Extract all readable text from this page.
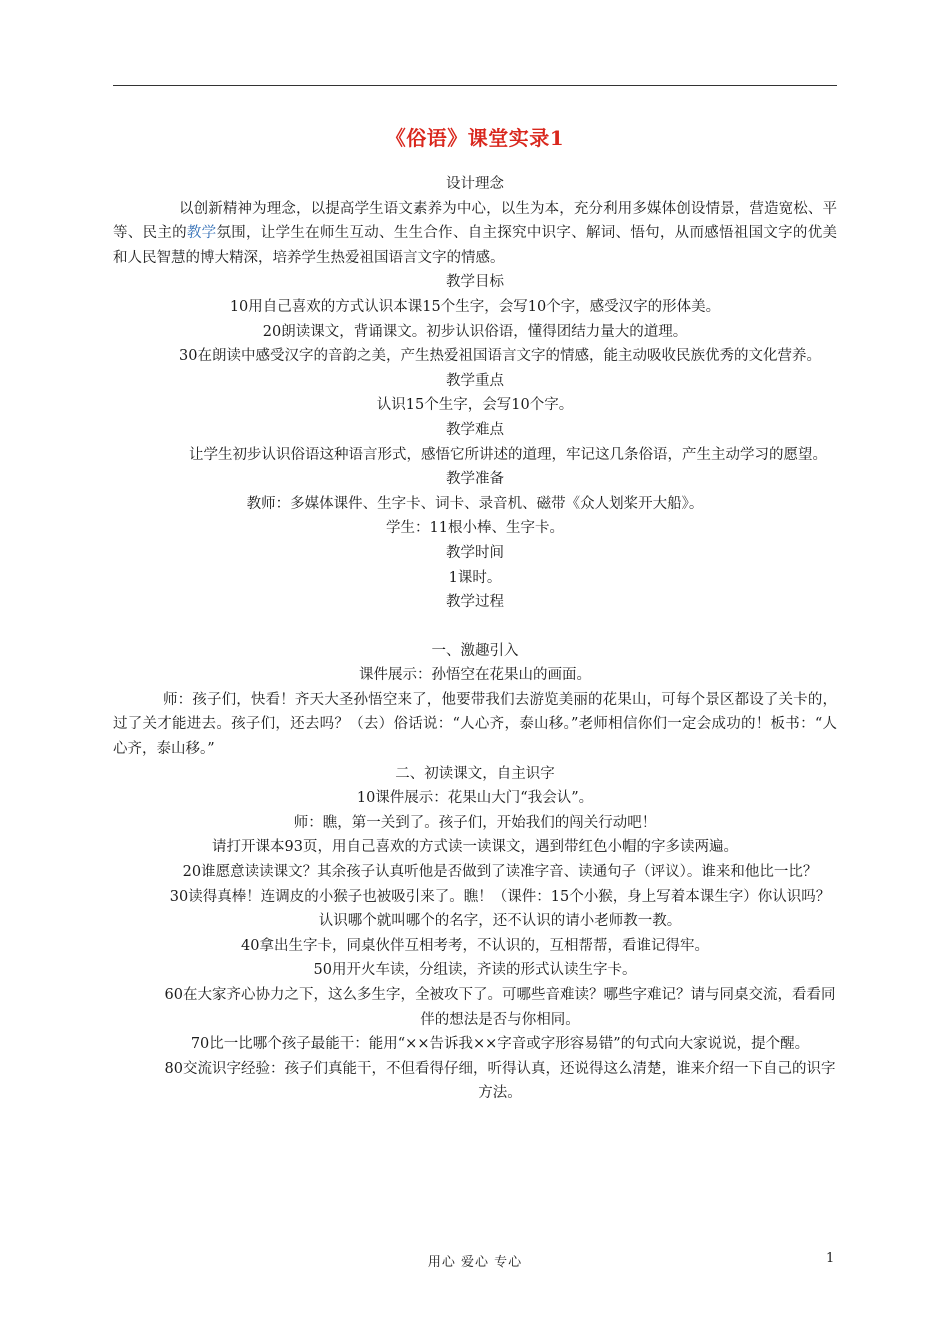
《俗语》课堂实录1

设计理念

以创新精神为理念，以提高学生语文素养为中心，以生为本，充分利用多媒体创设情景，营造宽松、平等、民主的教学氛围，让学生在师生互动、生生合作、自主探究中识字、解词、悟句，从而感悟祖国文字的优美和人民智慧的博大精深，培养学生热爱祖国语言文字的情感。

教学目标

10用自己喜欢的方式认识本课15个生字，会写10个字，感受汉字的形体美。

20朗读课文，背诵课文。初步认识俗语，懂得团结力量大的道理。

30在朗读中感受汉字的音韵之美，产生热爱祖国语言文字的情感，能主动吸收民族优秀的文化营养。

教学重点

认识15个生字，会写10个字。

教学难点

让学生初步认识俗语这种语言形式，感悟它所讲述的道理，牢记这几条俗语，产生主动学习的愿望。

教学准备

教师：多媒体课件、生字卡、词卡、录音机、磁带《众人划桨开大船》。

学生：11根小棒、生字卡。

教学时间

1课时。

教学过程

一、激趣引入

课件展示：孙悟空在花果山的画面。

师：孩子们，快看！齐天大圣孙悟空来了，他要带我们去游览美丽的花果山，可每个景区都设了关卡的，过了关才能进去。孩子们，还去吗？（去）俗话说：“人心齐，泰山移。”老师相信你们一定会成功的！板书：“人心齐，泰山移。”

二、初读课文，自主识字

10课件展示：花果山大门“我会认”。

师：瞧，第一关到了。孩子们，开始我们的闯关行动吧！

请打开课本93页，用自己喜欢的方式读一读课文，遇到带红色小帽的字多读两遍。

20谁愿意读读课文？其余孩子认真听他是否做到了读准字音、读通句子（评议）。谁来和他比一比？

30读得真棒！连调皮的小猴子也被吸引来了。瞧！（课件：15个小猴，身上写着本课生字）你认识吗？认识哪个就叫哪个的名字，还不认识的请小老师教一教。

40拿出生字卡，同桌伙伴互相考考，不认识的，互相帮帮，看谁记得牢。

50用开火车读，分组读，齐读的形式认读生字卡。

60在大家齐心协力之下，这么多生字，全被攻下了。可哪些音难读？哪些字难记？请与同桌交流，看看同伴的想法是否与你相同。

70比一比哪个孩子最能干：能用“××告诉我××字音或字形容易错”的句式向大家说说，提个醒。

80交流识字经验：孩子们真能干，不但看得仔细，听得认真，还说得这么清楚，谁来介绍一下自己的识字方法。

用心 爱心 专心	1
